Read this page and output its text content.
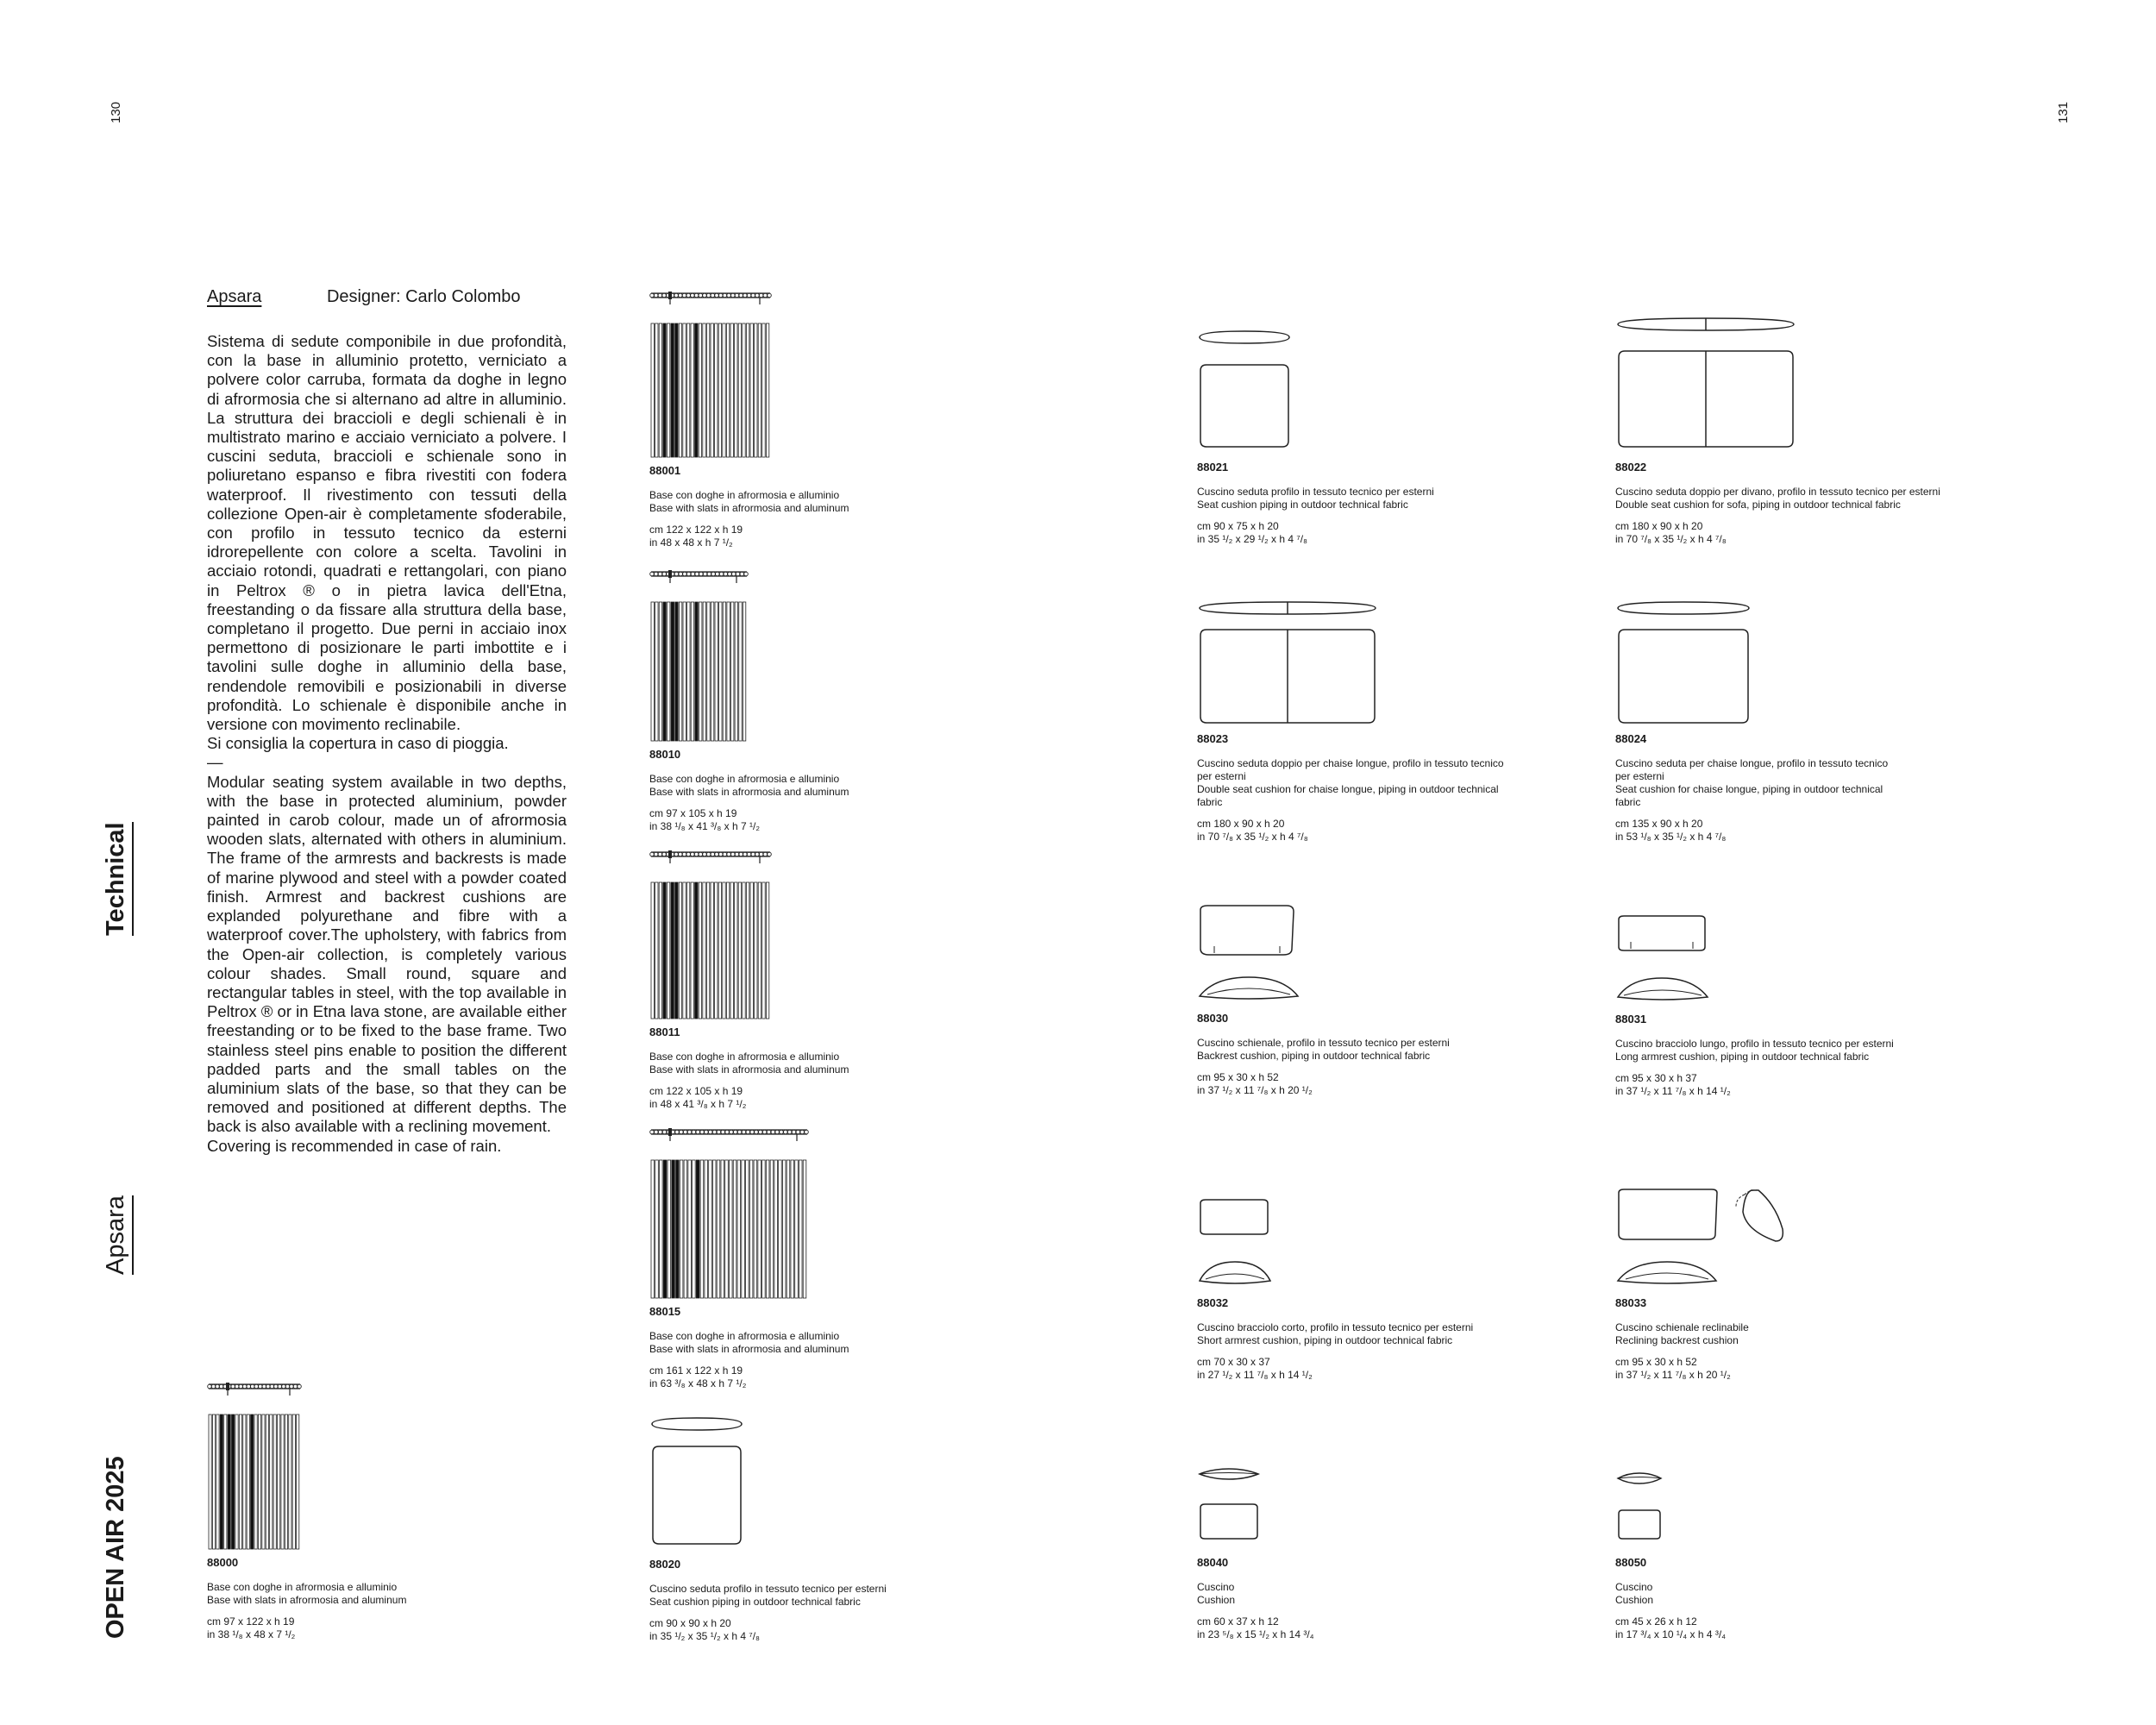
130	131
Technical
Apsara
OPEN AIR 2025
Apsara	Designer: Carlo Colombo

Sistema di sedute componibile in due profondità, con la base in alluminio protetto, verniciato a polvere color carruba, formata da doghe in legno di afrormosia che si alternano ad altre in alluminio. La struttura dei braccioli e degli schienali è in multistrato marino e acciaio verniciato a polvere. I cuscini seduta, braccioli e schienale sono in poliuretano espanso e fibra rivestiti con fodera waterproof. Il rivestimento con tessuti della collezione Open-air è completamente sfoderabile, con profilo in tessuto tecnico da esterni idrorepellente con colore a scelta. Tavolini in acciaio rotondi, quadrati e rettangolari, con piano in Peltrox ® o in pietra lavica dell'Etna, freestanding o da fissare alla struttura della base, completano il progetto. Due perni in acciaio inox permettono di posizionare le parti imbottite e i tavolini sulle doghe in alluminio della base, rendendole removibili e posizionabili in diverse profondità. Lo schienale è disponibile anche in versione con movimento reclinabile.

Si consiglia la copertura in caso di pioggia.

—

Modular seating system available in two depths, with the base in protected aluminium, powder painted in carob colour, made un of afrormosia wooden slats, alternated with others in aluminium. The frame of the armrests and backrests is made of marine plywood and steel with a powder coated finish. Armrest and backrest cushions are explanded polyurethane and fibre with a waterproof cover.The upholstery, with fabrics from the Open-air collection, is completely various colour shades. Small round, square and rectangular tables in steel, with the top available in Peltrox ® or in Etna lava stone, are available either freestanding or to be fixed to the base frame. Two stainless steel pins enable to position the different padded parts and the small tables on the aluminium slats of the base, so that they can be removed and positioned at different depths. The back is also available with a reclining movement.

Covering is recommended in case of rain.

88000
Base con doghe in afrormosia e alluminio
Base with slats in afrormosia and aluminum
cm 97 x 122 x h 19
in 38 ¹/₈ x 48 x 7 ¹/₂
88001
Base con doghe in afrormosia e alluminio
Base with slats in afrormosia and aluminum
cm 122 x 122 x h 19
in 48 x 48 x h 7 ¹/₂
88010
Base con doghe in afrormosia e alluminio
Base with slats in afrormosia and aluminum
cm 97 x 105 x h 19
in 38 ¹/₈ x 41 ³/₈ x h 7 ¹/₂
88011
Base con doghe in afrormosia e alluminio
Base with slats in afrormosia and aluminum
cm 122 x 105 x h 19
in 48 x 41 ³/₈ x h 7 ¹/₂
88015
Base con doghe in afrormosia e alluminio
Base with slats in afrormosia and aluminum
cm 161 x 122 x h 19
in 63 ³/₈ x 48 x h 7 ¹/₂
88020
Cuscino seduta profilo in tessuto tecnico per esterni
Seat cushion piping in outdoor technical fabric
cm 90 x 90 x h 20
in 35 ¹/₂ x 35 ¹/₂ x h 4 ⁷/₈
88021
Cuscino seduta profilo in tessuto tecnico per esterni
Seat cushion piping in outdoor technical fabric
cm 90 x 75 x h 20
in 35 ¹/₂ x 29 ¹/₂ x h 4 ⁷/₈
88023
Cuscino seduta doppio per chaise longue, profilo in tessuto tecnico per esterni
Double seat cushion for chaise longue, piping in outdoor technical fabric
cm 180 x 90 x h 20
in 70 ⁷/₈ x 35 ¹/₂ x h 4 ⁷/₈
88030
Cuscino schienale, profilo in tessuto tecnico per esterni
Backrest cushion, piping in outdoor technical fabric
cm 95 x 30 x h 52
in 37 ¹/₂ x 11 ⁷/₈ x h 20 ¹/₂
88032
Cuscino bracciolo corto, profilo in tessuto tecnico per esterni
Short armrest cushion, piping in outdoor technical fabric
cm 70 x 30 x 37
in 27 ¹/₂ x 11 ⁷/₈ x h 14 ¹/₂
88040
Cuscino
Cushion
cm 60 x 37 x h 12
in 23 ⁵/₈ x 15 ¹/₂ x h 14 ³/₄
88022
Cuscino seduta doppio per divano, profilo in tessuto tecnico per esterni
Double seat cushion for sofa, piping in outdoor technical fabric
cm 180 x 90 x h 20
in 70 ⁷/₈ x 35 ¹/₂ x h 4 ⁷/₈
88024
Cuscino seduta per chaise longue, profilo in tessuto tecnico per esterni
Seat cushion for chaise longue, piping in outdoor technical fabric
cm 135 x 90 x h 20
in 53 ¹/₈ x 35 ¹/₂ x h 4 ⁷/₈
88031
Cuscino bracciolo lungo, profilo in tessuto tecnico per esterni
Long armrest cushion, piping in outdoor technical fabric
cm 95 x 30 x h 37
in 37 ¹/₂ x 11 ⁷/₈ x h 14 ¹/₂
88033
Cuscino schienale reclinabile
Reclining backrest cushion
cm 95 x 30 x h 52
in 37 ¹/₂ x 11 ⁷/₈ x h 20 ¹/₂
88050
Cuscino
Cushion
cm 45 x 26 x h 12
in 17 ³/₄ x 10 ¹/₄ x h 4 ³/₄
